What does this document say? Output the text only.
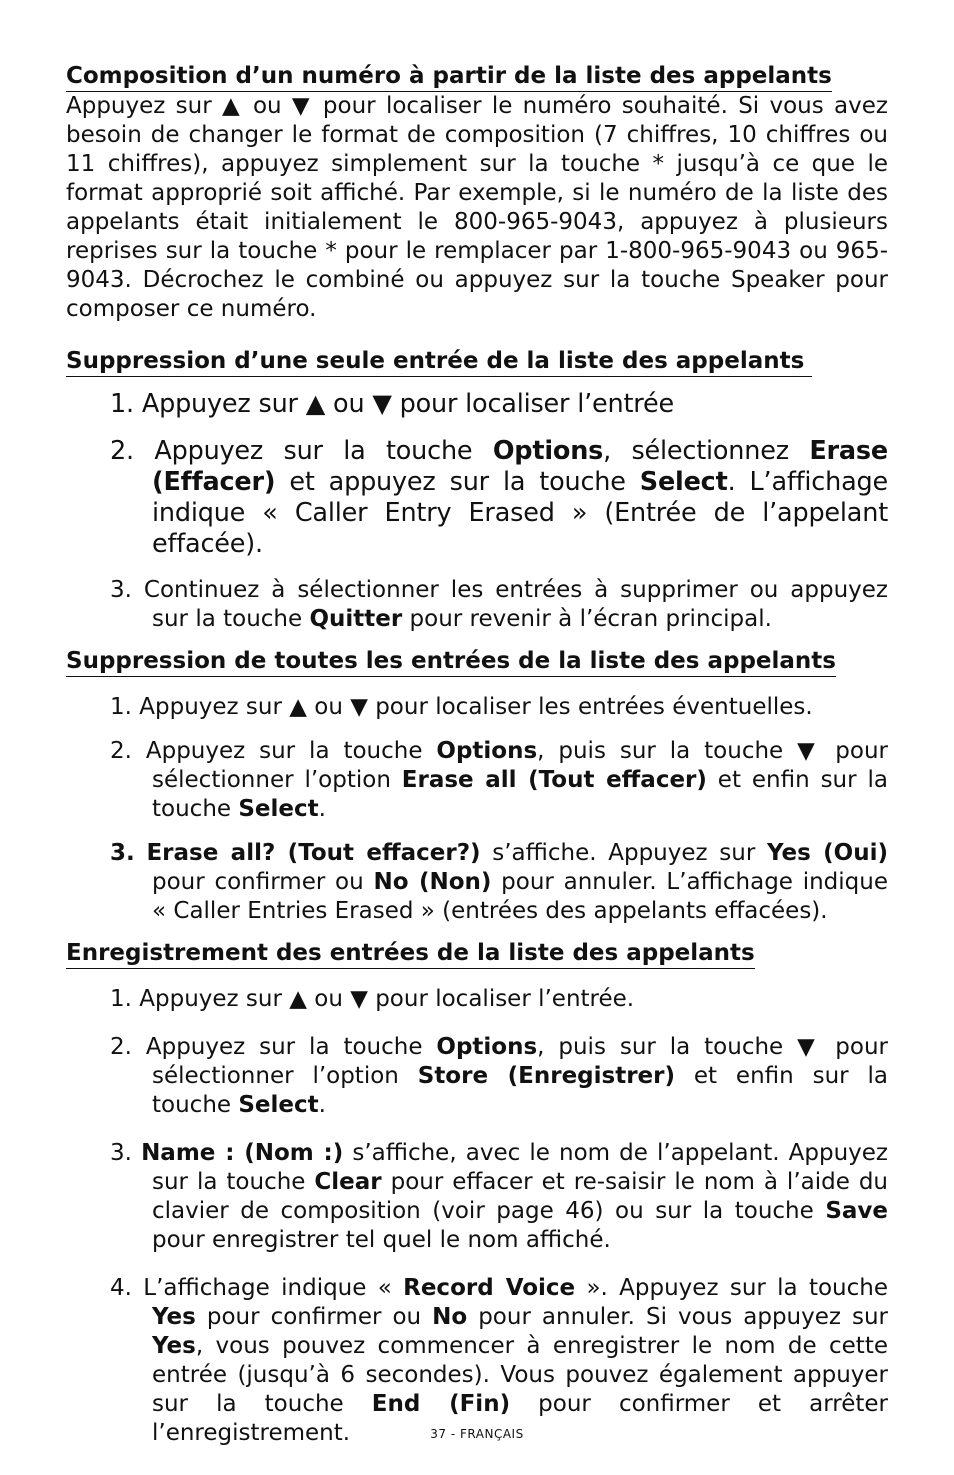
Composition d’un numéro à partir de la liste des appelants

Appuyez sur ▲ ou ▼ pour localiser le numéro souhaité. Si vous avez besoin de changer le format de composition (7 chiffres, 10 chiffres ou 11 chiffres), appuyez simplement sur la touche * jusqu’à ce que le format approprié soit affiché. Par exemple, si le numéro de la liste des appelants était initialement le 800-965-9043, appuyez à plusieurs reprises sur la touche * pour le remplacer par 1-800-965-9043 ou 965-9043. Décrochez le combiné ou appuyez sur la touche Speaker pour composer ce numéro.

Suppression d’une seule entrée de la liste des appelants
1. Appuyez sur ▲ ou ▼ pour localiser l’entrée
2. Appuyez sur la touche Options, sélectionnez Erase (Effacer) et appuyez sur la touche Select. L’affichage indique « Caller Entry Erased » (Entrée de l’appelant effacée).
3. Continuez à sélectionner les entrées à supprimer ou appuyez sur la touche Quitter pour revenir à l’écran principal.
Suppression de toutes les entrées de la liste des appelants
1. Appuyez sur ▲ ou ▼ pour localiser les entrées éventuelles.
2. Appuyez sur la touche Options, puis sur la touche ▼ pour sélectionner l’option Erase all (Tout effacer) et enfin sur la touche Select.
3. Erase all? (Tout effacer?) s’affiche. Appuyez sur Yes (Oui) pour confirmer ou No (Non) pour annuler. L’affichage indique « Caller Entries Erased » (entrées des appelants effacées).
Enregistrement des entrées de la liste des appelants
1. Appuyez sur ▲ ou ▼ pour localiser l’entrée.
2. Appuyez sur la touche Options, puis sur la touche ▼ pour sélectionner l’option Store (Enregistrer) et enfin sur la touche Select.
3. Name : (Nom :) s’affiche, avec le nom de l’appelant. Appuyez sur la touche Clear pour effacer et re-saisir le nom à l’aide du clavier de composition (voir page 46) ou sur la touche Save pour enregistrer tel quel le nom affiché.
4. L’affichage indique « Record Voice ». Appuyez sur la touche Yes pour confirmer ou No pour annuler. Si vous appuyez sur Yes, vous pouvez commencer à enregistrer le nom de cette entrée (jusqu’à 6 secondes). Vous pouvez également appuyer sur la touche End (Fin) pour confirmer et arrêter l’enregistrement.	37 - FRANÇAIS
